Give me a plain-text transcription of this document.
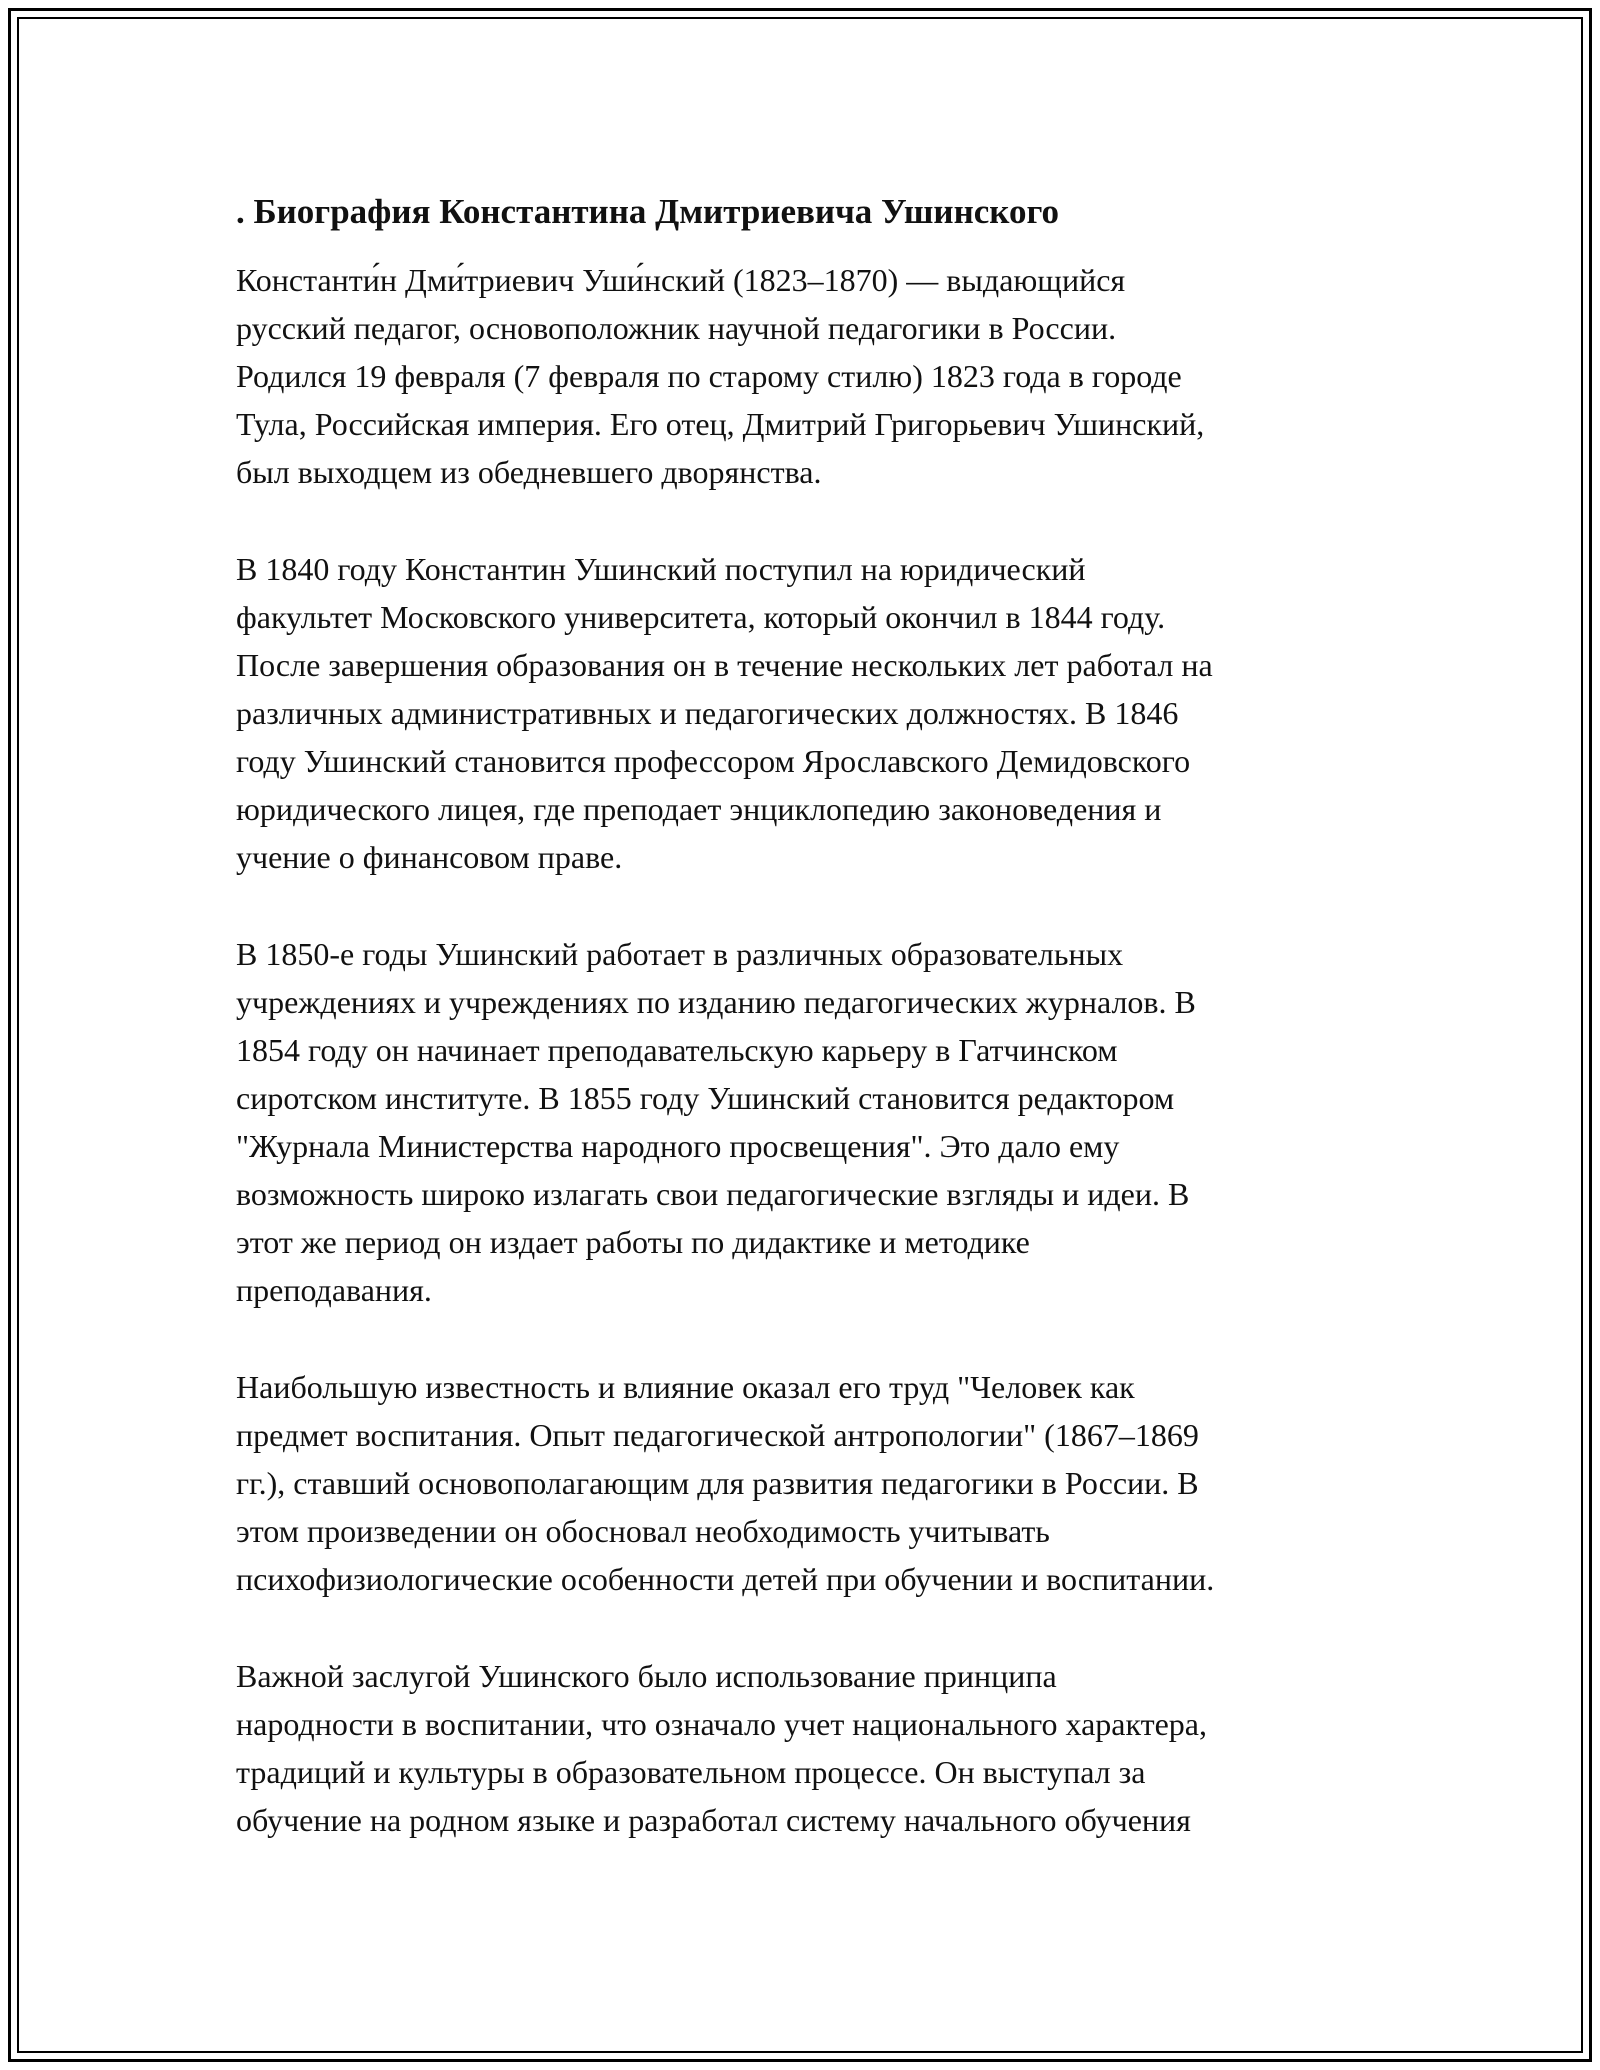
. Биография Константина Дмитриевича Ушинского
Константи́н Дми́триевич Уши́нский (1823–1870) — выдающийся
русский педагог, основоположник научной педагогики в России.
Родился 19 февраля (7 февраля по старому стилю) 1823 года в городе
Тула, Российская империя. Его отец, Дмитрий Григорьевич Ушинский,
был выходцем из обедневшего дворянства.
В 1840 году Константин Ушинский поступил на юридический
факультет Московского университета, который окончил в 1844 году.
После завершения образования он в течение нескольких лет работал на
различных административных и педагогических должностях. В 1846
году Ушинский становится профессором Ярославского Демидовского
юридического лицея, где преподает энциклопедию законоведения и
учение о финансовом праве.
В 1850-е годы Ушинский работает в различных образовательных
учреждениях и учреждениях по изданию педагогических журналов. В
1854 году он начинает преподавательскую карьеру в Гатчинском
сиротском институте. В 1855 году Ушинский становится редактором
"Журнала Министерства народного просвещения". Это дало ему
возможность широко излагать свои педагогические взгляды и идеи. В
этот же период он издает работы по дидактике и методике
преподавания.
Наибольшую известность и влияние оказал его труд "Человек как
предмет воспитания. Опыт педагогической антропологии" (1867–1869
гг.), ставший основополагающим для развития педагогики в России. В
этом произведении он обосновал необходимость учитывать
психофизиологические особенности детей при обучении и воспитании.
Важной заслугой Ушинского было использование принципа
народности в воспитании, что означало учет национального характера,
традиций и культуры в образовательном процессе. Он выступал за
обучение на родном языке и разработал систему начального обучения
